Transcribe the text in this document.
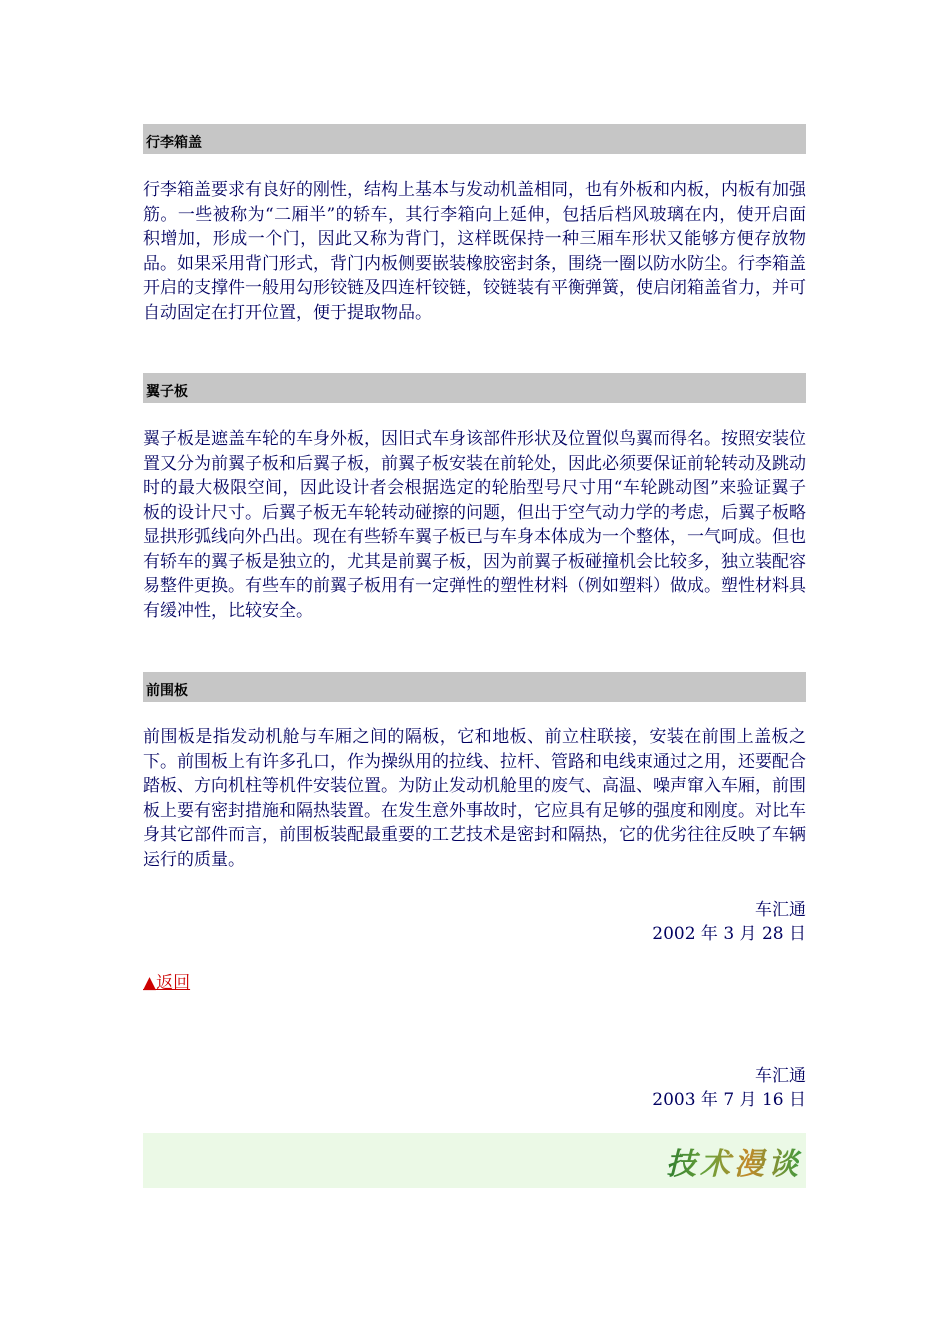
行李箱盖
行李箱盖要求有良好的刚性，结构上基本与发动机盖相同，也有外板和内板，内板有加强筋。一些被称为“二厢半”的轿车，其行李箱向上延伸，包括后档风玻璃在内，使开启面积增加，形成一个门，因此又称为背门，这样既保持一种三厢车形状又能够方便存放物品。如果采用背门形式，背门内板侧要嵌装橡胶密封条，围绕一圈以防水防尘。行李箱盖开启的支撑件一般用勾形铰链及四连杆铰链，铰链装有平衡弹簧，使启闭箱盖省力，并可自动固定在打开位置，便于提取物品。
翼子板
翼子板是遮盖车轮的车身外板，因旧式车身该部件形状及位置似鸟翼而得名。按照安装位置又分为前翼子板和后翼子板，前翼子板安装在前轮处，因此必须要保证前轮转动及跳动时的最大极限空间，因此设计者会根据选定的轮胎型号尺寸用“车轮跳动图”来验证翼子板的设计尺寸。后翼子板无车轮转动碰擦的问题，但出于空气动力学的考虑，后翼子板略显拱形弧线向外凸出。现在有些轿车翼子板已与车身本体成为一个整体，一气呵成。但也有轿车的翼子板是独立的，尤其是前翼子板，因为前翼子板碰撞机会比较多，独立装配容易整件更换。有些车的前翼子板用有一定弹性的塑性材料（例如塑料）做成。塑性材料具有缓冲性，比较安全。
前围板
前围板是指发动机舱与车厢之间的隔板，它和地板、前立柱联接，安装在前围上盖板之下。前围板上有许多孔口，作为操纵用的拉线、拉杆、管路和电线束通过之用，还要配合踏板、方向机柱等机件安装位置。为防止发动机舱里的废气、高温、噪声窜入车厢，前围板上要有密封措施和隔热装置。在发生意外事故时，它应具有足够的强度和刚度。对比车身其它部件而言，前围板装配最重要的工艺技术是密封和隔热，它的优劣往往反映了车辆运行的质量。
车汇通
2002 年 3 月 28 日
▲返回
车汇通
2003 年 7 月 16 日
技术漫谈
